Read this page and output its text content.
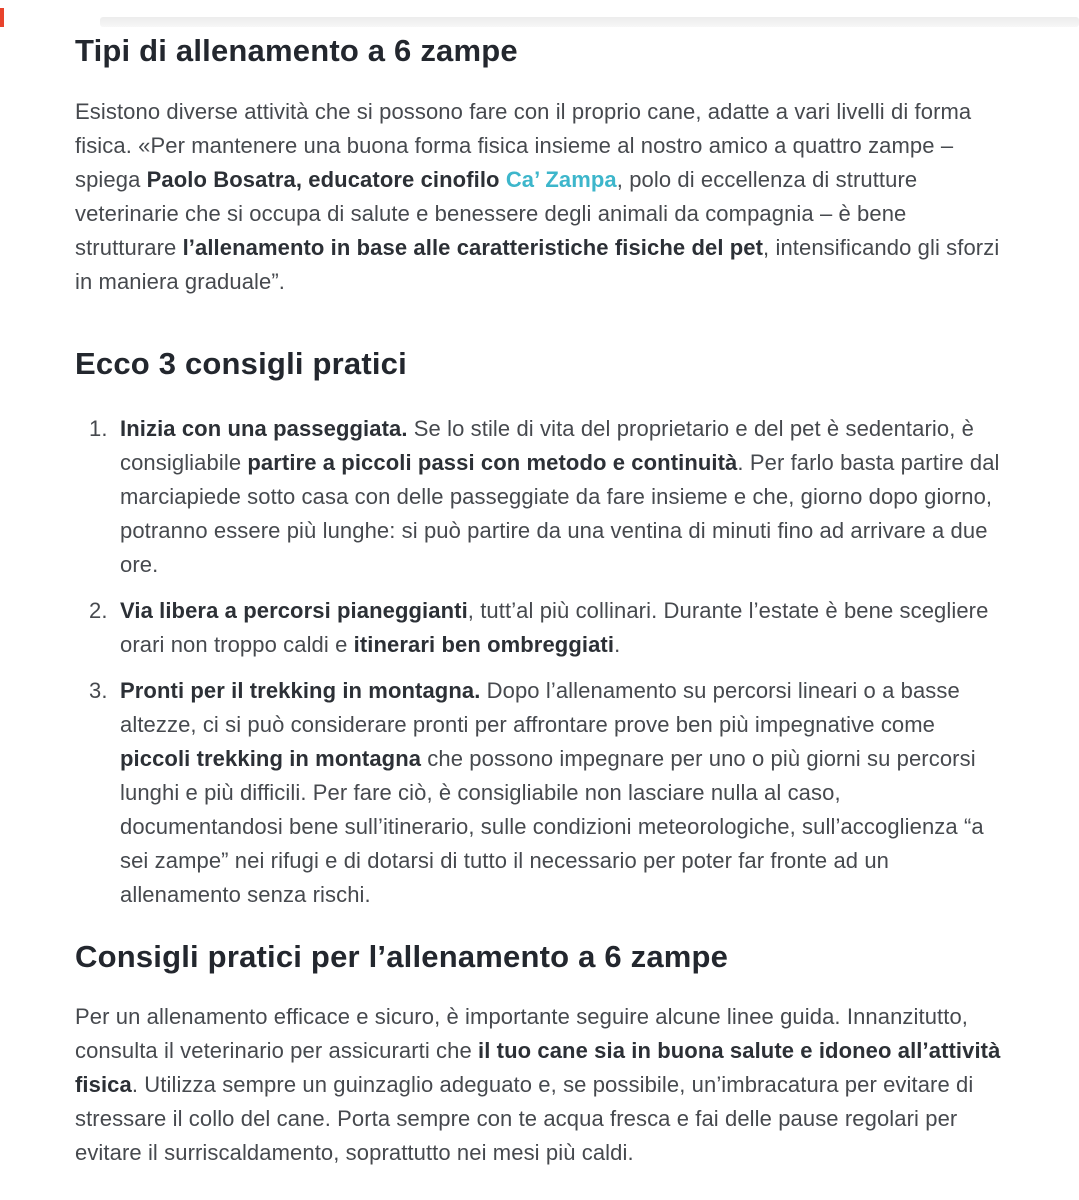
Tipi di allenamento a 6 zampe

Esistono diverse attività che si possono fare con il proprio cane, adatte a vari livelli di forma fisica. «Per mantenere una buona forma fisica insieme al nostro amico a quattro zampe – spiega Paolo Bosatra, educatore cinofilo Ca’ Zampa, polo di eccellenza di strutture veterinarie che si occupa di salute e benessere degli animali da compagnia – è bene strutturare l’allenamento in base alle caratteristiche fisiche del pet, intensificando gli sforzi in maniera graduale”.

Ecco 3 consigli pratici
1. Inizia con una passeggiata. Se lo stile di vita del proprietario e del pet è sedentario, è consigliabile partire a piccoli passi con metodo e continuità. Per farlo basta partire dal marciapiede sotto casa con delle passeggiate da fare insieme e che, giorno dopo giorno, potranno essere più lunghe: si può partire da una ventina di minuti fino ad arrivare a due ore.
2. Via libera a percorsi pianeggianti, tutt’al più collinari. Durante l’estate è bene scegliere orari non troppo caldi e itinerari ben ombreggiati.
3. Pronti per il trekking in montagna. Dopo l’allenamento su percorsi lineari o a basse altezze, ci si può considerare pronti per affrontare prove ben più impegnative come piccoli trekking in montagna che possono impegnare per uno o più giorni su percorsi lunghi e più difficili. Per fare ciò, è consigliabile non lasciare nulla al caso, documentandosi bene sull’itinerario, sulle condizioni meteorologiche, sull’accoglienza “a sei zampe” nei rifugi e di dotarsi di tutto il necessario per poter far fronte ad un allenamento senza rischi.
Consigli pratici per l’allenamento a 6 zampe

Per un allenamento efficace e sicuro, è importante seguire alcune linee guida. Innanzitutto, consulta il veterinario per assicurarti che il tuo cane sia in buona salute e idoneo all’attività fisica. Utilizza sempre un guinzaglio adeguato e, se possibile, un’imbracatura per evitare di stressare il collo del cane. Porta sempre con te acqua fresca e fai delle pause regolari per evitare il surriscaldamento, soprattutto nei mesi più caldi.
